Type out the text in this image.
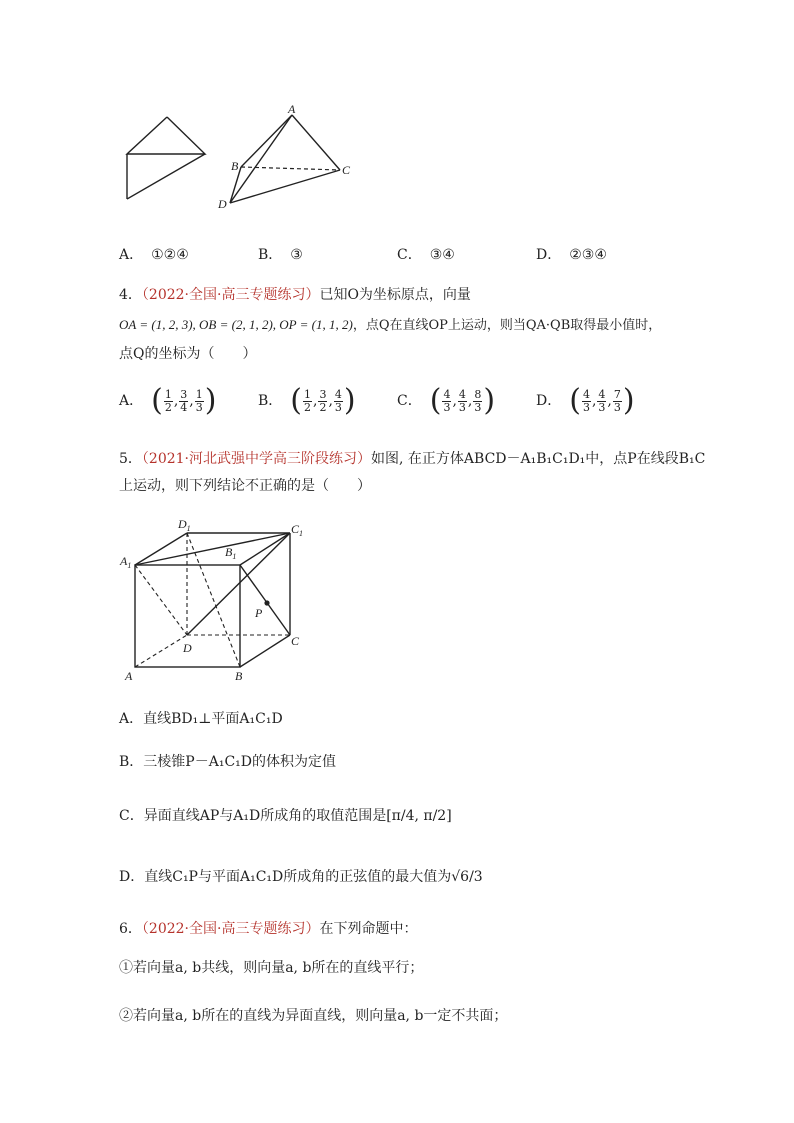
A
B	C
D
A． ①②④	B． ③	C． ③④	D． ②③④
4．（2022·全国·高三专题练习）已知O为坐标原点，向量
OA = (1, 2, 3), OB = (2, 1, 2), OP = (1, 1, 2)，点Q在直线OP上运动，则当QA·QB取得最小值时，
点Q的坐标为（　　）
A． ( $\frac{1}{2}$ , $\frac{3}{4}$ , $\frac{1}{3}$ )	B． ( $\frac{1}{2}$ , $\frac{3}{2}$ , $\frac{4}{3}$ )	C． ( $\frac{4}{3}$ , $\frac{4}{3}$ , $\frac{8}{3}$ )	D． ( $\frac{4}{3}$ , $\frac{4}{3}$ , $\frac{7}{3}$ )
5．（2021·河北武强中学高三阶段练习）如图, 在正方体ABCD－A₁B₁C₁D₁中，点P在线段B₁C
上运动，则下列结论不正确的是（　　）
$A_1$
$B_1$
$C_1$
$D_1$
P
C
D
A	B
A．直线BD₁⊥平面A₁C₁D
B．三棱锥P－A₁C₁D的体积为定值
C．异面直线AP与A₁D所成角的取值范围是[π/4, π/2]
D．直线C₁P与平面A₁C₁D所成角的正弦值的最大值为√6/3
6．（2022·全国·高三专题练习）在下列命题中：
①若向量a, b共线，则向量a, b所在的直线平行；
②若向量a, b所在的直线为异面直线，则向量a, b一定不共面；
